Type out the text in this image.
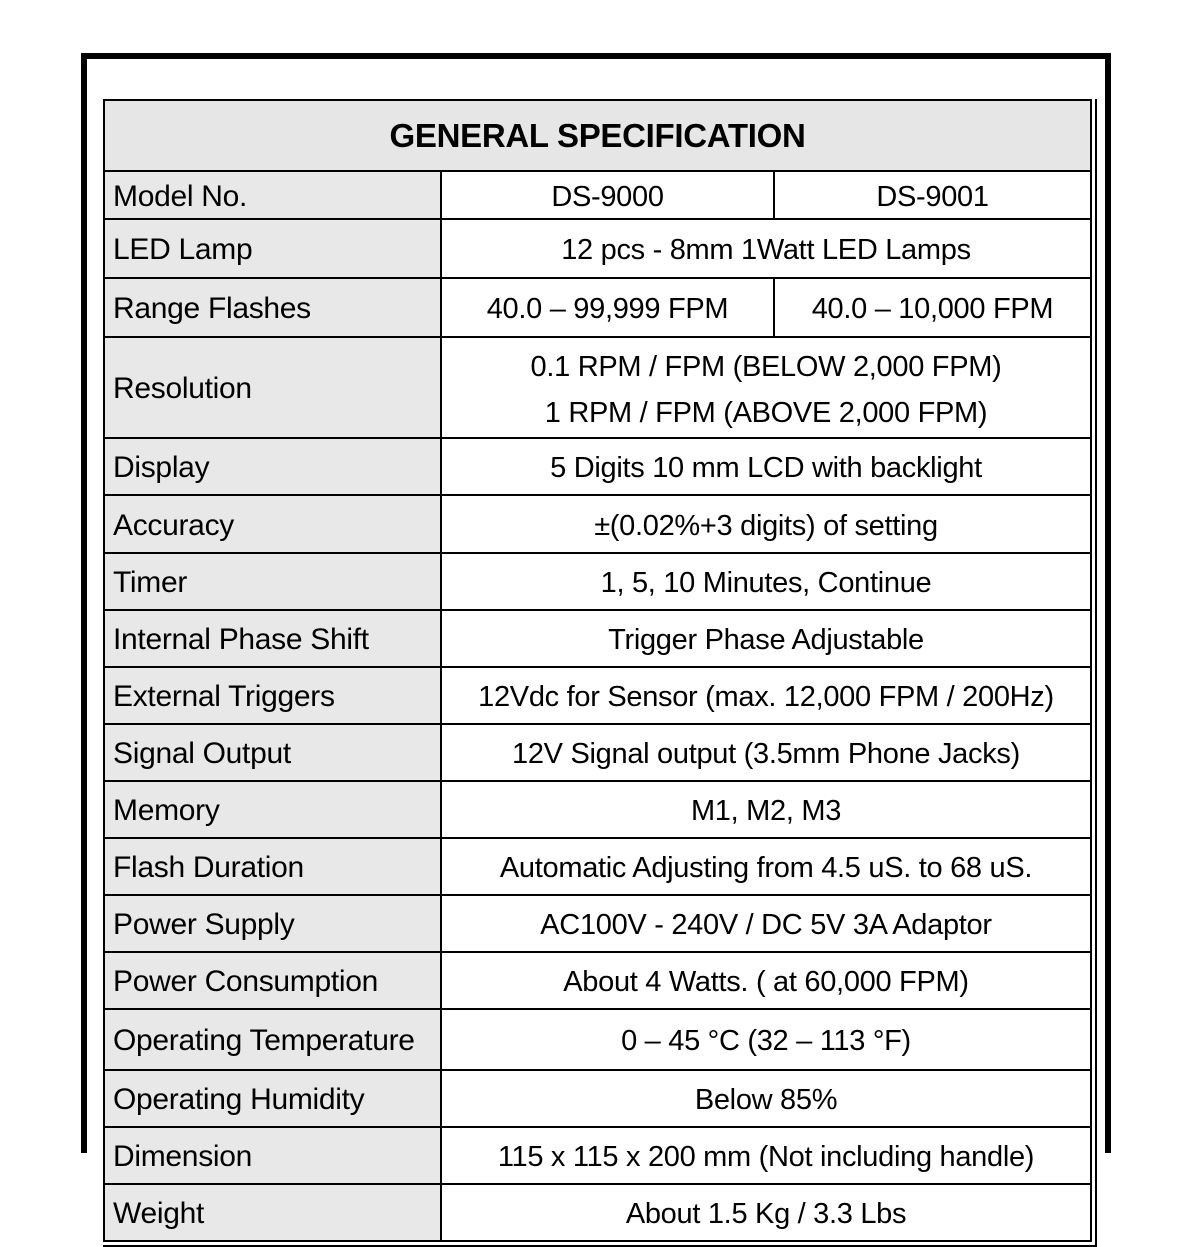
GENERAL SPECIFICATION		
Model No.	DS-9000	DS-9001
LED Lamp	12 pcs - 8mm 1Watt LED Lamps	
Range Flashes	40.0 – 99,999 FPM	40.0 – 10,000 FPM
Resolution	0.1 RPM / FPM (BELOW 2,000 FPM)
1 RPM / FPM (ABOVE 2,000 FPM)	

Display	5 Digits 10 mm LCD with backlight	
Accuracy	±(0.02%+3 digits) of setting	
Timer	1, 5, 10 Minutes, Continue	
Internal Phase Shift	Trigger Phase Adjustable	
External Triggers	12Vdc for Sensor (max. 12,000 FPM / 200Hz)	
Signal Output	12V Signal output (3.5mm Phone Jacks)	
Memory	M1, M2, M3	
Flash Duration	Automatic Adjusting from 4.5 uS. to 68 uS.	
Power Supply	AC100V - 240V / DC 5V 3A Adaptor	
Power Consumption	About 4 Watts. ( at 60,000 FPM)	
Operating Temperature	0 – 45 °C (32 – 113 °F)	
Operating Humidity	Below 85%	
Dimension	115 x 115 x 200 mm (Not including handle)	
Weight	About 1.5 Kg / 3.3 Lbs	
